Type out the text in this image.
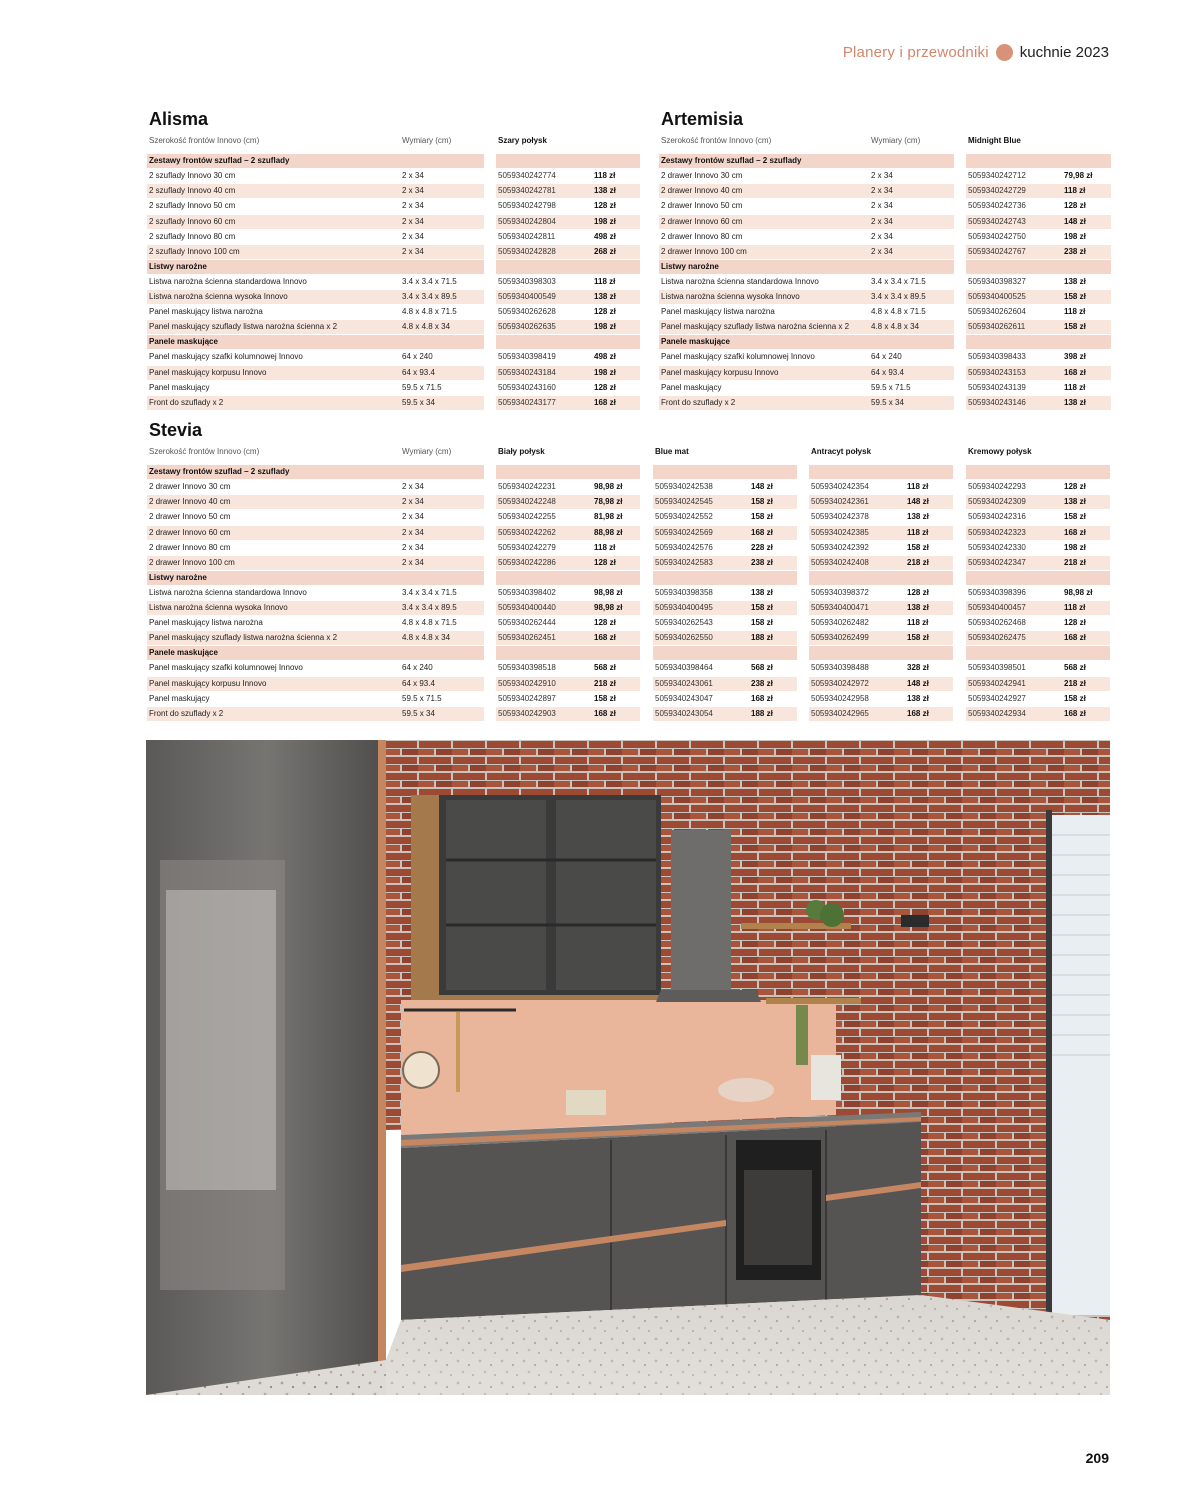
Planery i przewodniki kuchnie 2023
Alisma	Artemisia
Stevia
Szerokość frontów Innovo (cm)	Wymiary (cm)	Szary połysk
Zestawy frontów szuflad – 2 szuflady
2 szuflady Innovo 30 cm	2 x 34	5059340242774	118 zł
2 szuflady Innovo 40 cm	2 x 34	5059340242781	138 zł
2 szuflady Innovo 50 cm	2 x 34	5059340242798	128 zł
2 szuflady Innovo 60 cm	2 x 34	5059340242804	198 zł
2 szuflady Innovo 80 cm	2 x 34	5059340242811	498 zł
2 szuflady Innovo 100 cm	2 x 34	5059340242828	268 zł
Listwy narożne
Listwa narożna ścienna standardowa Innovo	3.4 x 3.4 x 71.5	5059340398303	118 zł
Listwa narożna ścienna wysoka Innovo	3.4 x 3.4 x 89.5	5059340400549	138 zł
Panel maskujący listwa narożna	4.8 x 4.8 x 71.5	5059340262628	128 zł
Panel maskujący szuflady listwa narożna ścienna x 2	4.8 x 4.8 x 34	5059340262635	198 zł
Panele maskujące
Panel maskujący szafki kolumnowej Innovo	64 x 240	5059340398419	498 zł
Panel maskujący korpusu Innovo	64 x 93.4	5059340243184	198 zł
Panel maskujący	59.5 x 71.5	5059340243160	128 zł
Front do szuflady x 2	59.5 x 34	5059340243177	168 zł
Szerokość frontów Innovo (cm)	Wymiary (cm)	Midnight Blue
Zestawy frontów szuflad – 2 szuflady
2 drawer Innovo 30 cm	2 x 34	5059340242712	79,98 zł
2 drawer Innovo 40 cm	2 x 34	5059340242729	118 zł
2 drawer Innovo 50 cm	2 x 34	5059340242736	128 zł
2 drawer Innovo 60 cm	2 x 34	5059340242743	148 zł
2 drawer Innovo 80 cm	2 x 34	5059340242750	198 zł
2 drawer Innovo 100 cm	2 x 34	5059340242767	238 zł
Listwy narożne
Listwa narożna ścienna standardowa Innovo	3.4 x 3.4 x 71.5	5059340398327	138 zł
Listwa narożna ścienna wysoka Innovo	3.4 x 3.4 x 89.5	5059340400525	158 zł
Panel maskujący listwa narożna	4.8 x 4.8 x 71.5	5059340262604	118 zł
Panel maskujący szuflady listwa narożna ścienna x 2	4.8 x 4.8 x 34	5059340262611	158 zł
Panele maskujące
Panel maskujący szafki kolumnowej Innovo	64 x 240	5059340398433	398 zł
Panel maskujący korpusu Innovo	64 x 93.4	5059340243153	168 zł
Panel maskujący	59.5 x 71.5	5059340243139	118 zł
Front do szuflady x 2	59.5 x 34	5059340243146	138 zł
Szerokość frontów Innovo (cm)	Wymiary (cm)	Biały połysk	Blue mat	Antracyt połysk	Kremowy połysk
Zestawy frontów szuflad – 2 szuflady
2 drawer Innovo 30 cm	2 x 34	5059340242231	98,98 zł	5059340242538	148 zł	5059340242354	118 zł	5059340242293	128 zł
2 drawer Innovo 40 cm	2 x 34	5059340242248	78,98 zł	5059340242545	158 zł	5059340242361	148 zł	5059340242309	138 zł
2 drawer Innovo 50 cm	2 x 34	5059340242255	81,98 zł	5059340242552	158 zł	5059340242378	138 zł	5059340242316	158 zł
2 drawer Innovo 60 cm	2 x 34	5059340242262	88,98 zł	5059340242569	168 zł	5059340242385	118 zł	5059340242323	168 zł
2 drawer Innovo 80 cm	2 x 34	5059340242279	118 zł	5059340242576	228 zł	5059340242392	158 zł	5059340242330	198 zł
2 drawer Innovo 100 cm	2 x 34	5059340242286	128 zł	5059340242583	238 zł	5059340242408	218 zł	5059340242347	218 zł
Listwy narożne
Listwa narożna ścienna standardowa Innovo	3.4 x 3.4 x 71.5	5059340398402	98,98 zł	5059340398358	138 zł	5059340398372	128 zł	5059340398396	98,98 zł
Listwa narożna ścienna wysoka Innovo	3.4 x 3.4 x 89.5	5059340400440	98,98 zł	5059340400495	158 zł	5059340400471	138 zł	5059340400457	118 zł
Panel maskujący listwa narożna	4.8 x 4.8 x 71.5	5059340262444	128 zł	5059340262543	158 zł	5059340262482	118 zł	5059340262468	128 zł
Panel maskujący szuflady listwa narożna ścienna x 2	4.8 x 4.8 x 34	5059340262451	168 zł	5059340262550	188 zł	5059340262499	158 zł	5059340262475	168 zł
Panele maskujące
Panel maskujący szafki kolumnowej Innovo	64 x 240	5059340398518	568 zł	5059340398464	568 zł	5059340398488	328 zł	5059340398501	568 zł
Panel maskujący korpusu Innovo	64 x 93.4	5059340242910	218 zł	5059340243061	238 zł	5059340242972	148 zł	5059340242941	218 zł
Panel maskujący	59.5 x 71.5	5059340242897	158 zł	5059340243047	168 zł	5059340242958	138 zł	5059340242927	158 zł
Front do szuflady x 2	59.5 x 34	5059340242903	168 zł	5059340243054	188 zł	5059340242965	168 zł	5059340242934	168 zł
209
